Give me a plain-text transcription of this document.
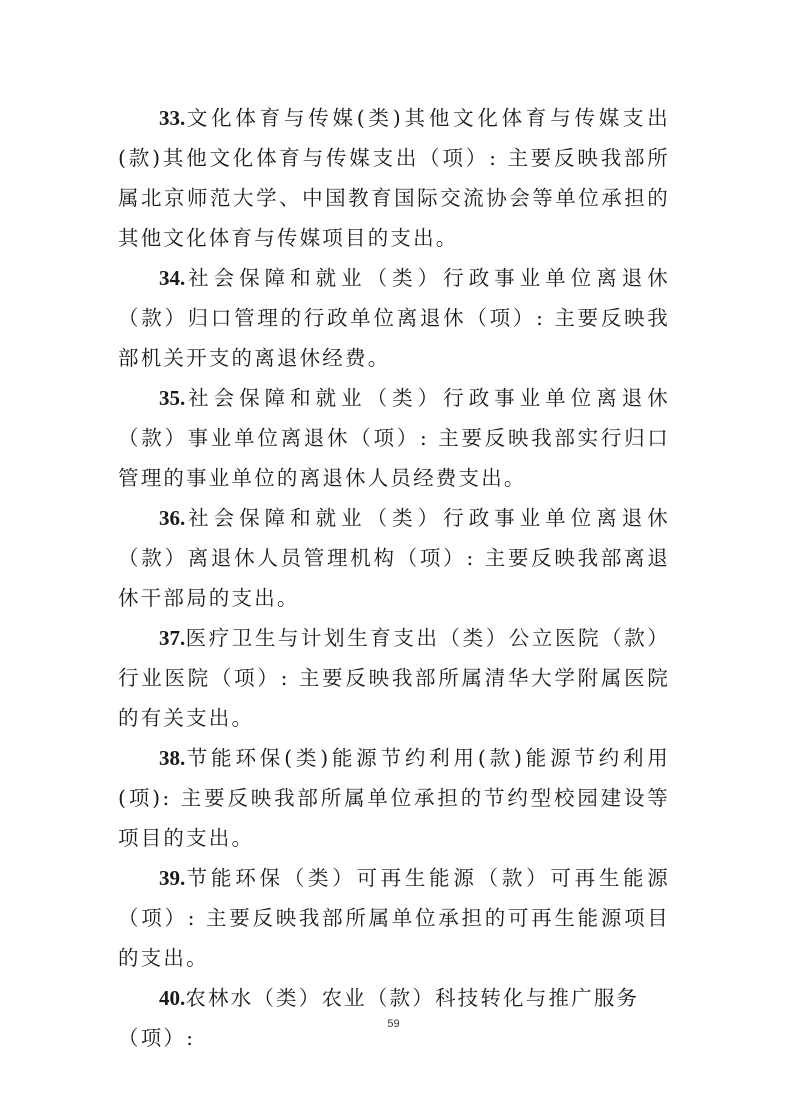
33.文化体育与传媒(类)其他文化体育与传媒支出(款)其他文化体育与传媒支出（项）: 主要反映我部所属北京师范大学、中国教育国际交流协会等单位承担的其他文化体育与传媒项目的支出。

34.社会保障和就业（类）行政事业单位离退休（款）归口管理的行政单位离退休（项）: 主要反映我部机关开支的离退休经费。

35.社会保障和就业（类）行政事业单位离退休（款）事业单位离退休（项）: 主要反映我部实行归口管理的事业单位的离退休人员经费支出。

36.社会保障和就业（类）行政事业单位离退休（款）离退休人员管理机构（项）: 主要反映我部离退休干部局的支出。

37.医疗卫生与计划生育支出（类）公立医院（款）行业医院（项）: 主要反映我部所属清华大学附属医院的有关支出。

38.节能环保(类)能源节约利用(款)能源节约利用(项): 主要反映我部所属单位承担的节约型校园建设等项目的支出。

39.节能环保（类）可再生能源（款）可再生能源（项）: 主要反映我部所属单位承担的可再生能源项目的支出。

40.农林水（类）农业（款）科技转化与推广服务（项）:

59
